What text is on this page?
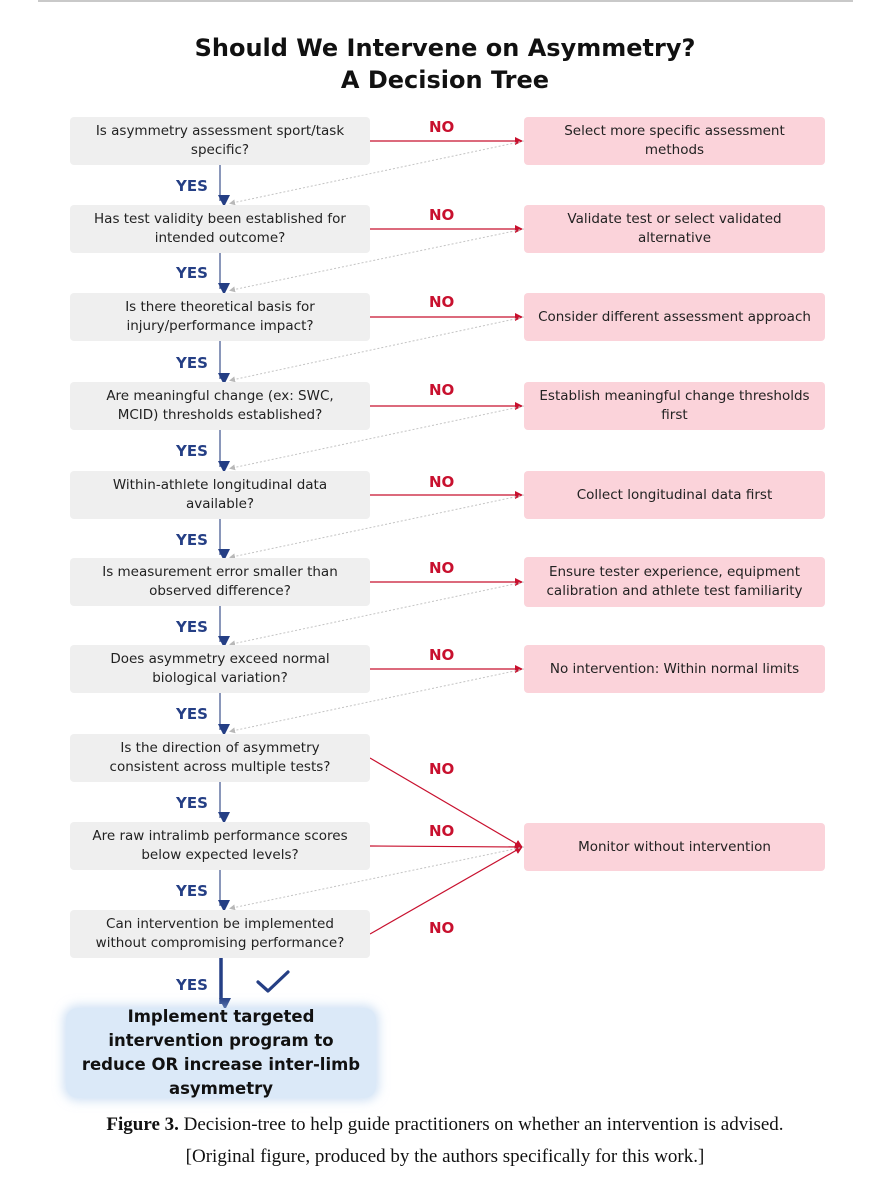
Should We Intervene on Asymmetry?
A Decision Tree
Is asymmetry assessment sport/task specific?
Has test validity been established for intended outcome?
Is there theoretical basis for injury/performance impact?
Are meaningful change (ex: SWC, MCID) thresholds established?
Within-athlete longitudinal data available?
Is measurement error smaller than observed difference?
Does asymmetry exceed normal biological variation?
Is the direction of asymmetry consistent across multiple tests?
Are raw intralimb performance scores below expected levels?
Can intervention be implemented without compromising performance?
Select more specific assessment methods
Validate test or select validated alternative
Consider different assessment approach
Establish meaningful change thresholds first
Collect longitudinal data first
Ensure tester experience, equipment calibration and athlete test familiarity
No intervention: Within normal limits
Monitor without intervention
NO
NO
NO
NO
NO
NO
NO
NO
NO
NO
YES
YES
YES
YES
YES
YES
YES
YES
YES
YES
Implement targeted intervention program to reduce OR increase inter-limb asymmetry
Figure 3. Decision-tree to help guide practitioners on whether an intervention is advised.
[Original figure, produced by the authors specifically for this work.]
